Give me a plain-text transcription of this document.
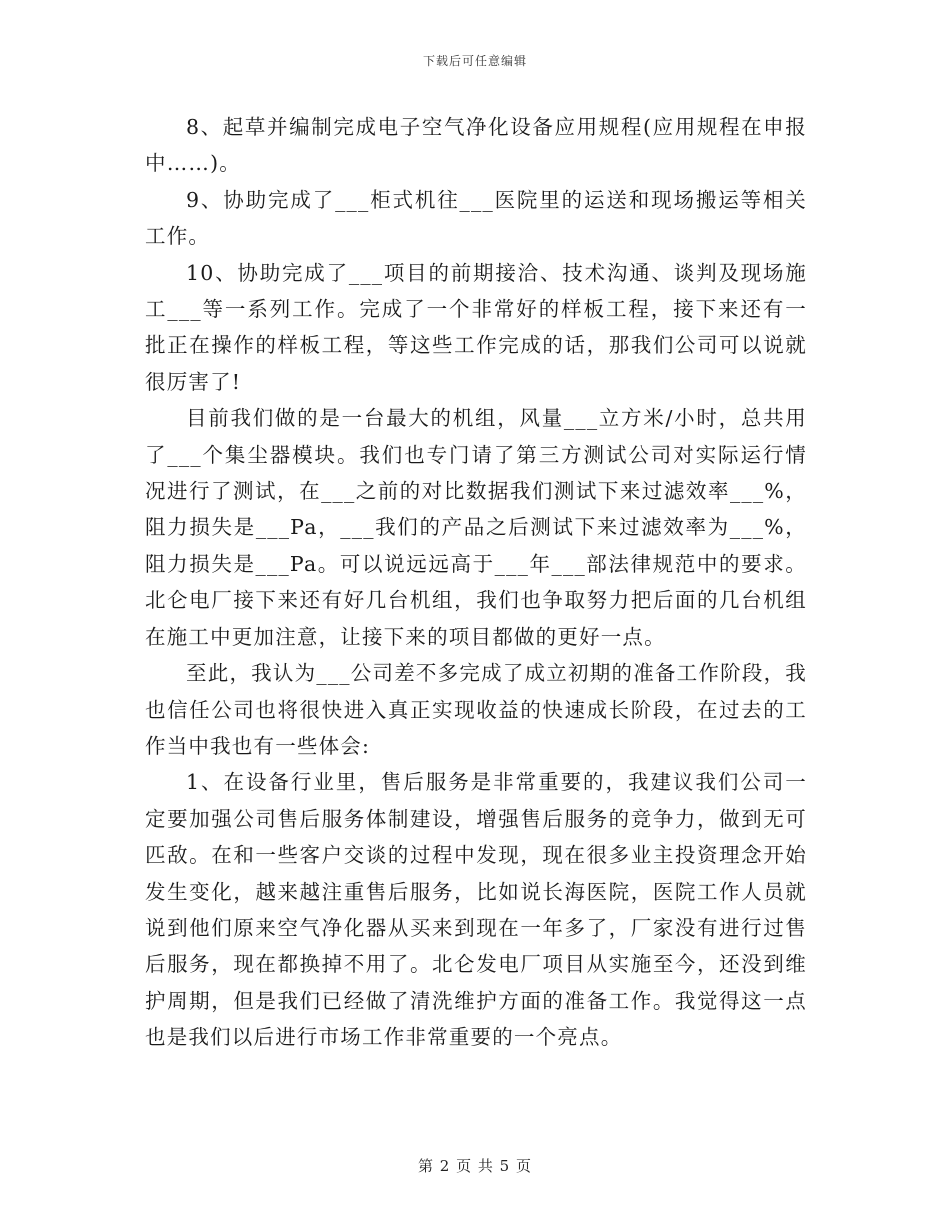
下载后可任意编辑

8、起草并编制完成电子空气净化设备应用规程(应用规程在申报中……)。

9、协助完成了___柜式机往___医院里的运送和现场搬运等相关工作。

10、协助完成了___项目的前期接洽、技术沟通、谈判及现场施工___等一系列工作。完成了一个非常好的样板工程，接下来还有一批正在操作的样板工程，等这些工作完成的话，那我们公司可以说就很厉害了!

目前我们做的是一台最大的机组，风量___立方米/小时，总共用了___个集尘器模块。我们也专门请了第三方测试公司对实际运行情况进行了测试，在___之前的对比数据我们测试下来过滤效率___%，阻力损失是___Pa，___我们的产品之后测试下来过滤效率为___%，阻力损失是___Pa。可以说远远高于___年___部法律规范中的要求。北仑电厂接下来还有好几台机组，我们也争取努力把后面的几台机组在施工中更加注意，让接下来的项目都做的更好一点。

至此，我认为___公司差不多完成了成立初期的准备工作阶段，我也信任公司也将很快进入真正实现收益的快速成长阶段，在过去的工作当中我也有一些体会:

1、在设备行业里，售后服务是非常重要的，我建议我们公司一定要加强公司售后服务体制建设，增强售后服务的竞争力，做到无可匹敌。在和一些客户交谈的过程中发现，现在很多业主投资理念开始发生变化，越来越注重售后服务，比如说长海医院，医院工作人员就说到他们原来空气净化器从买来到现在一年多了，厂家没有进行过售后服务，现在都换掉不用了。北仑发电厂项目从实施至今，还没到维护周期，但是我们已经做了清洗维护方面的准备工作。我觉得这一点也是我们以后进行市场工作非常重要的一个亮点。

第 2 页 共 5 页
